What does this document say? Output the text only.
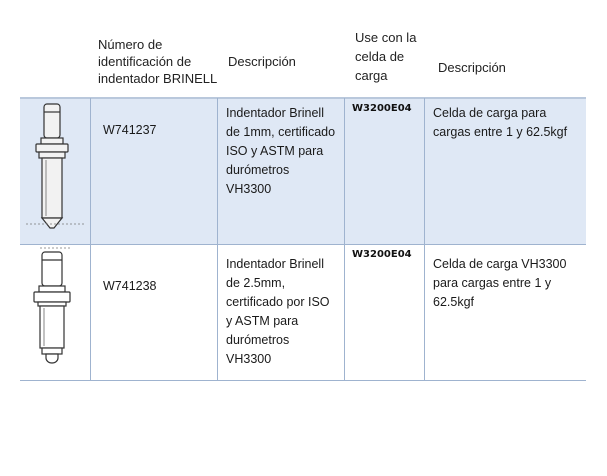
Número de identificación de indentador BRINELL
Descripción
Use con la celda de carga
Descripción
W741237
Indentador Brinell de 1mm, certificado ISO y ASTM para durómetros VH3300
W3200E04 Celda de carga para cargas entre 1 y 62.5kgf
W741238
Indentador Brinell de 2.5mm, certificado por ISO y ASTM para durómetros VH3300
W3200E04
Celda de carga VH3300 para cargas entre 1 y 62.5kgf
